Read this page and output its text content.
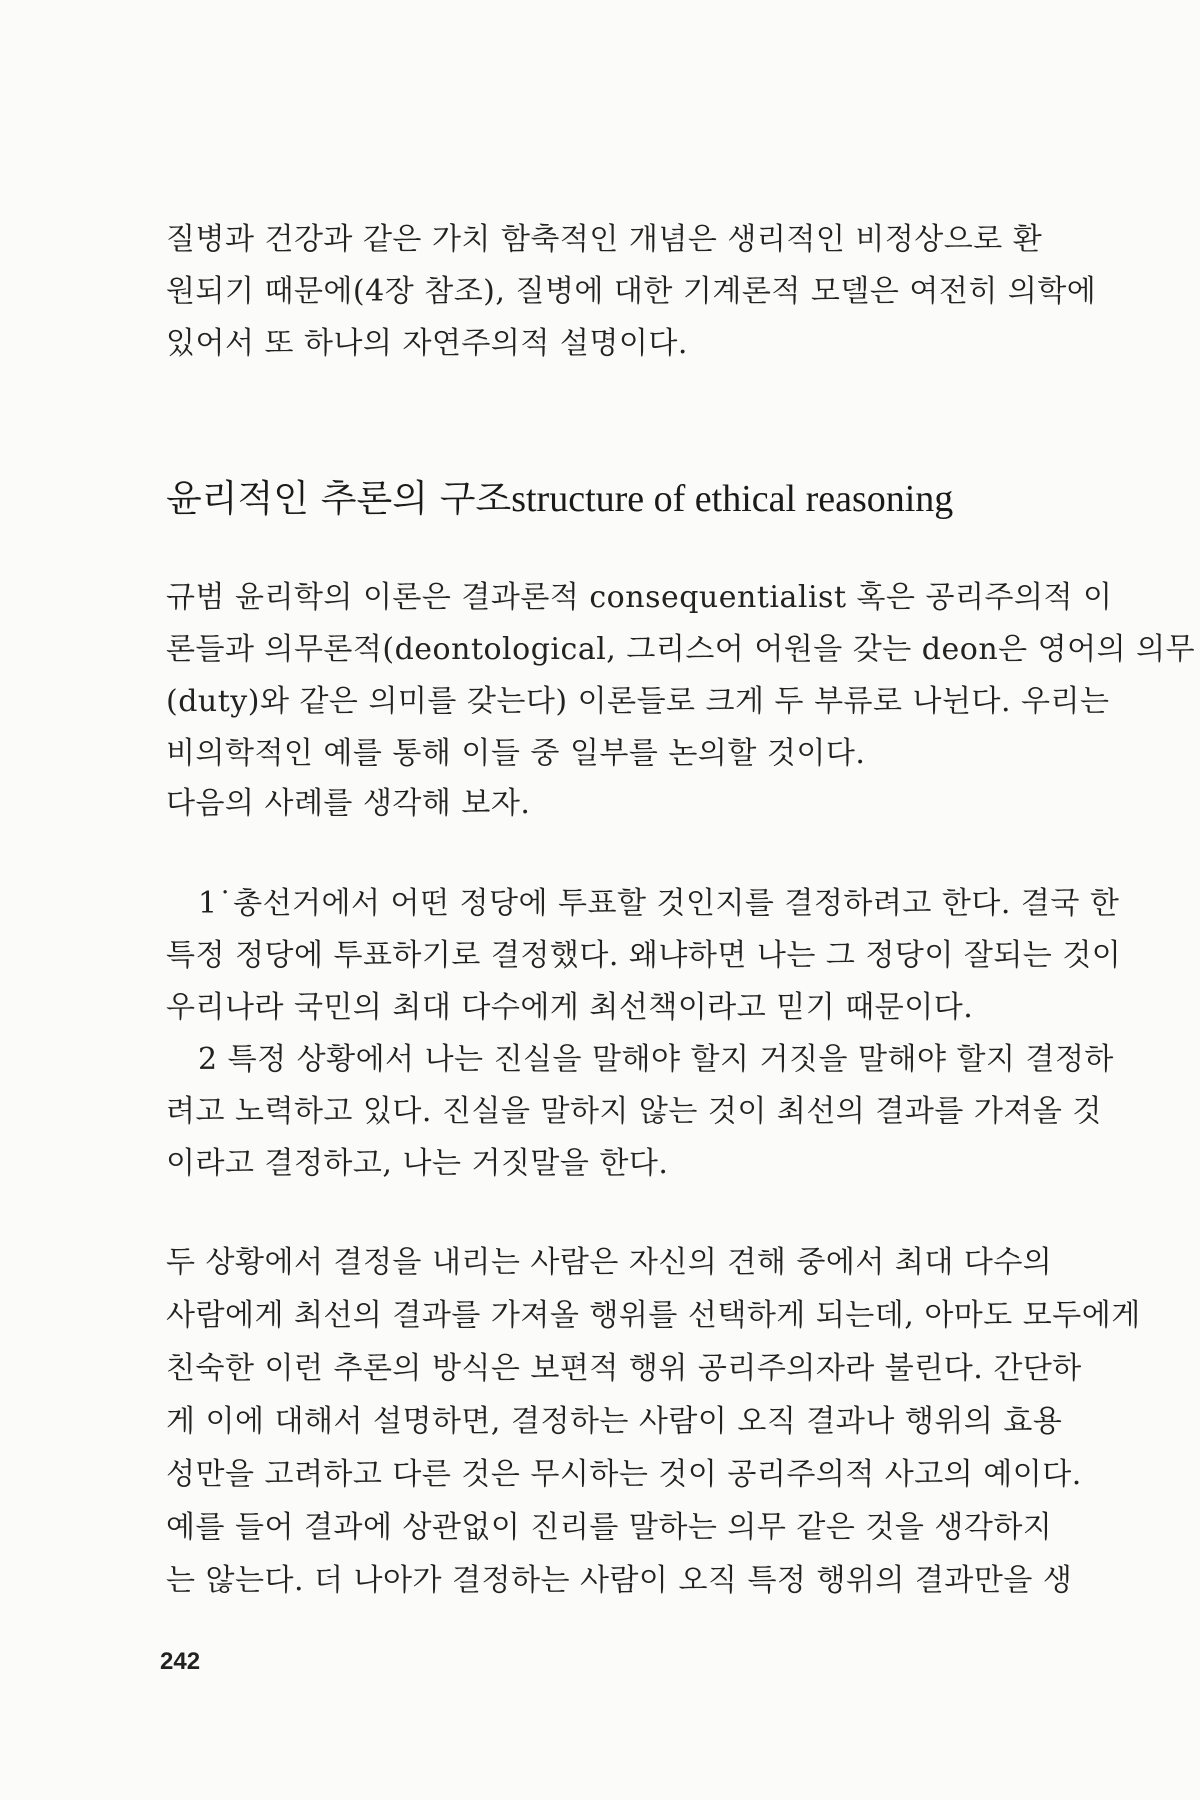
질병과 건강과 같은 가치 함축적인 개념은 생리적인 비정상으로 환
원되기 때문에(4장 참조), 질병에 대한 기계론적 모델은 여전히 의학에
있어서 또 하나의 자연주의적 설명이다.
윤리적인 추론의 구조structure of ethical reasoning
규범 윤리학의 이론은 결과론적 consequentialist 혹은 공리주의적 이
론들과 의무론적(deontological, 그리스어 어원을 갖는 deon은 영어의 의무
(duty)와 같은 의미를 갖는다) 이론들로 크게 두 부류로 나뉜다. 우리는
비의학적인 예를 통해 이들 중 일부를 논의할 것이다.
다음의 사례를 생각해 보자.
1˙총선거에서 어떤 정당에 투표할 것인지를 결정하려고 한다. 결국 한
특정 정당에 투표하기로 결정했다. 왜냐하면 나는 그 정당이 잘되는 것이
우리나라 국민의 최대 다수에게 최선책이라고 믿기 때문이다.
2 특정 상황에서 나는 진실을 말해야 할지 거짓을 말해야 할지 결정하
려고 노력하고 있다. 진실을 말하지 않는 것이 최선의 결과를 가져올 것
이라고 결정하고, 나는 거짓말을 한다.
두 상황에서 결정을 내리는 사람은 자신의 견해 중에서 최대 다수의
사람에게 최선의 결과를 가져올 행위를 선택하게 되는데, 아마도 모두에게
친숙한 이런 추론의 방식은 보편적 행위 공리주의자라 불린다. 간단하
게 이에 대해서 설명하면, 결정하는 사람이 오직 결과나 행위의 효용
성만을 고려하고 다른 것은 무시하는 것이 공리주의적 사고의 예이다.
예를 들어 결과에 상관없이 진리를 말하는 의무 같은 것을 생각하지
는 않는다. 더 나아가 결정하는 사람이 오직 특정 행위의 결과만을 생
242
